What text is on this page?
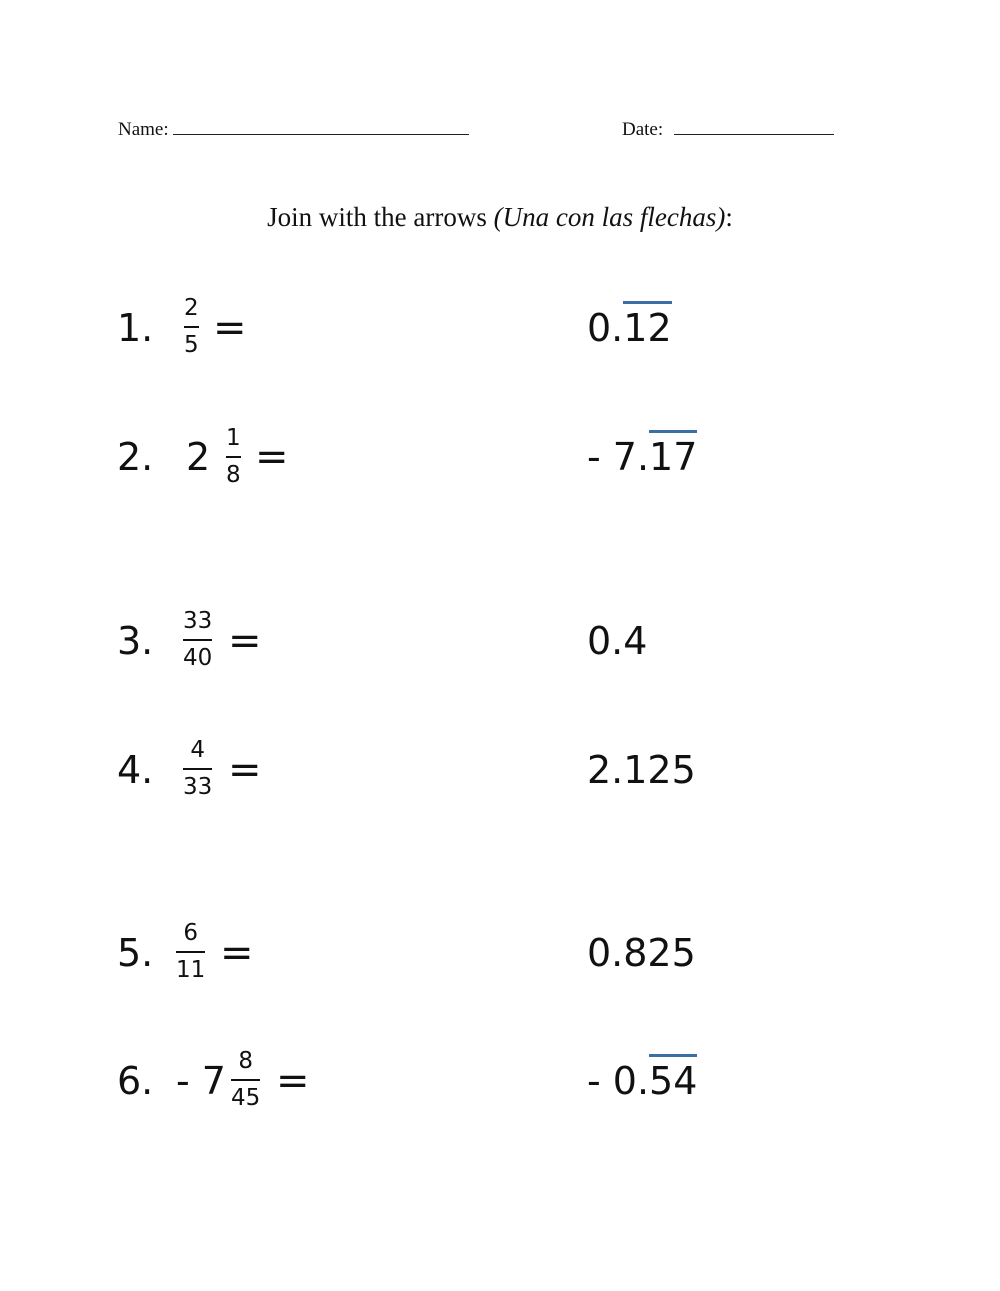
Name:	Date:
Join with the arrows (Una con las flechas):
1. 2
5 =
2. 2 1
8 =
3. 33
40 =
4. 4
33 =
5. 6
11 =
6. - 7 8
45 =
0.12
- 7.17
0.4
2.125
0.825
- 0.54
